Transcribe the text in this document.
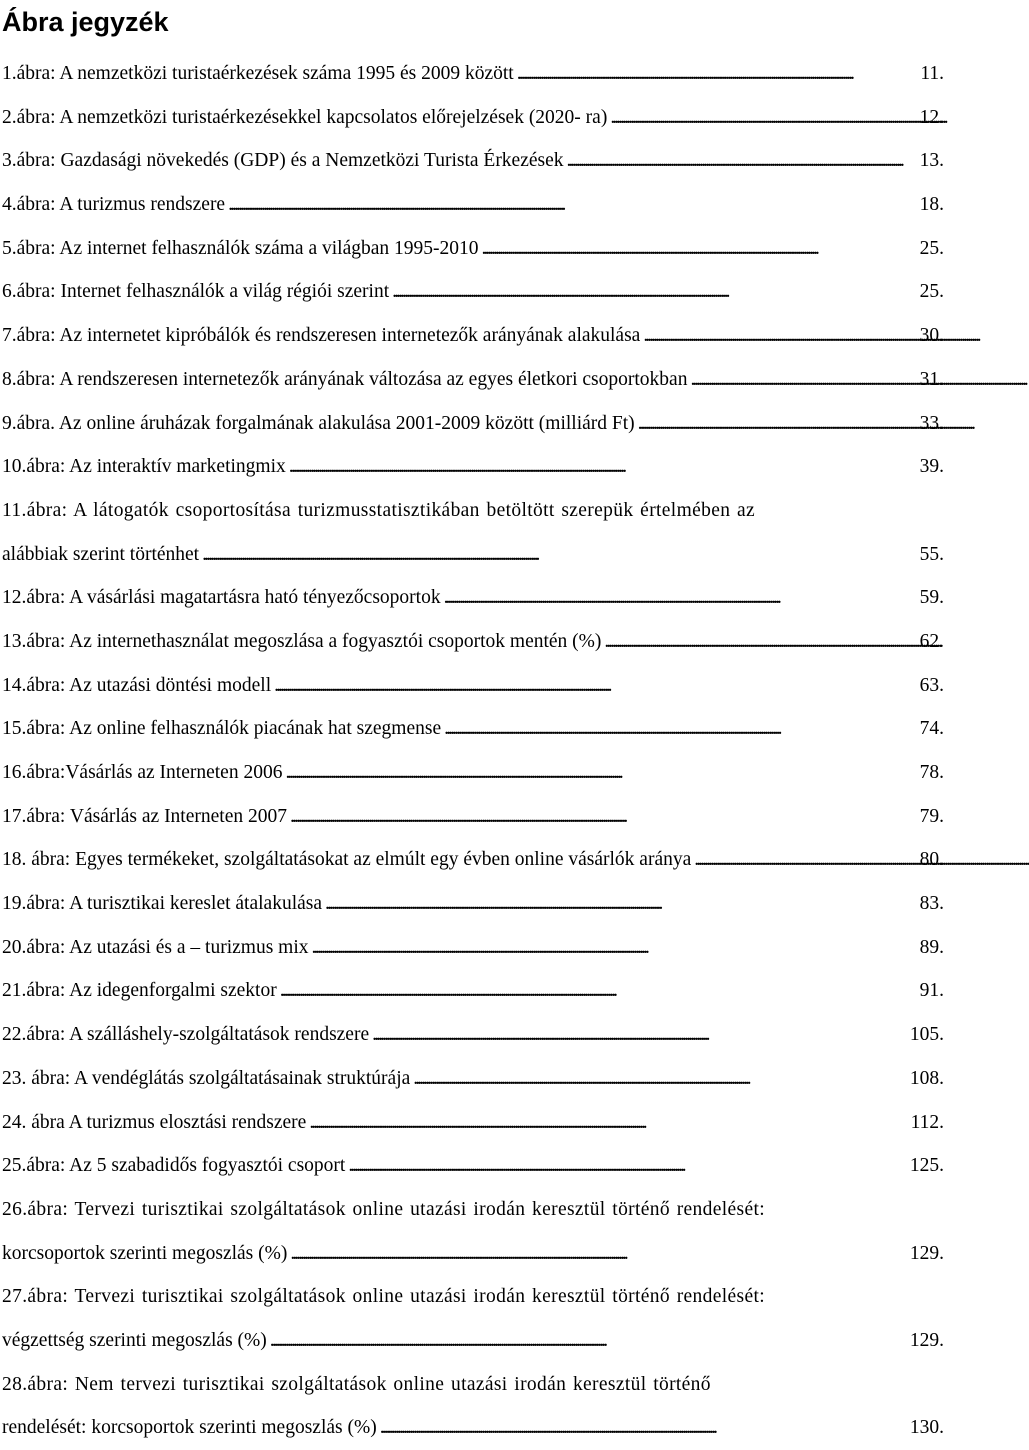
Ábra jegyzék
1.ábra: A nemzetközi turistaérkezések száma 1995 és 2009 között . . .	11.
2.ábra: A nemzetközi turistaérkezésekkel kapcsolatos előrejelzések (2020- ra) . . .	12.
3.ábra: Gazdasági növekedés (GDP) és a Nemzetközi Turista Érkezések . . .	13.
4.ábra: A turizmus rendszere . . .	18.
5.ábra: Az internet felhasználók száma a világban 1995-2010 . . .	25.
6.ábra: Internet felhasználók a világ régiói szerint . . .	25.
7.ábra: Az internetet kipróbálók és rendszeresen internetezők arányának alakulása . . .	30.
8.ábra: A rendszeresen internetezők arányának változása az egyes életkori csoportokban . . .	31.
9.ábra. Az online áruházak forgalmának alakulása 2001-2009 között (milliárd Ft) . . .	33.
10.ábra: Az interaktív marketingmix . . .	39.
11.ábra: A látogatók csoportosítása turizmusstatisztikában betöltött szerepük értelmében az
alábbiak szerint történhet . . .	55.
12.ábra: A vásárlási magatartásra ható tényezőcsoportok . . .	59.
13.ábra: Az internethasználat megoszlása a fogyasztói csoportok mentén (%) . . .	62.
14.ábra: Az utazási döntési modell . . .	63.
15.ábra: Az online felhasználók piacának hat szegmense . . .	74.
16.ábra:Vásárlás az Interneten 2006 . . .	78.
17.ábra: Vásárlás az Interneten 2007 . . .	79.
18. ábra: Egyes termékeket, szolgáltatásokat az elmúlt egy évben online vásárlók aránya . . .	80.
19.ábra: A turisztikai kereslet átalakulása . . .	83.
20.ábra: Az utazási és a – turizmus mix . . .	89.
21.ábra: Az idegenforgalmi szektor . . .	91.
22.ábra: A szálláshely-szolgáltatások rendszere . . .	105.
23. ábra: A vendéglátás szolgáltatásainak struktúrája . . .	108.
24. ábra A turizmus elosztási rendszere . . .	112.
25.ábra: Az 5 szabadidős fogyasztói csoport . . .	125.
26.ábra: Tervezi turisztikai szolgáltatások online utazási irodán keresztül történő rendelését:
korcsoportok szerinti megoszlás (%) . . .	129.
27.ábra: Tervezi turisztikai szolgáltatások online utazási irodán keresztül történő rendelését:
végzettség szerinti megoszlás (%) . . .	129.
28.ábra: Nem tervezi turisztikai szolgáltatások online utazási irodán keresztül történő
rendelését: korcsoportok szerinti megoszlás (%) . . .	130.
